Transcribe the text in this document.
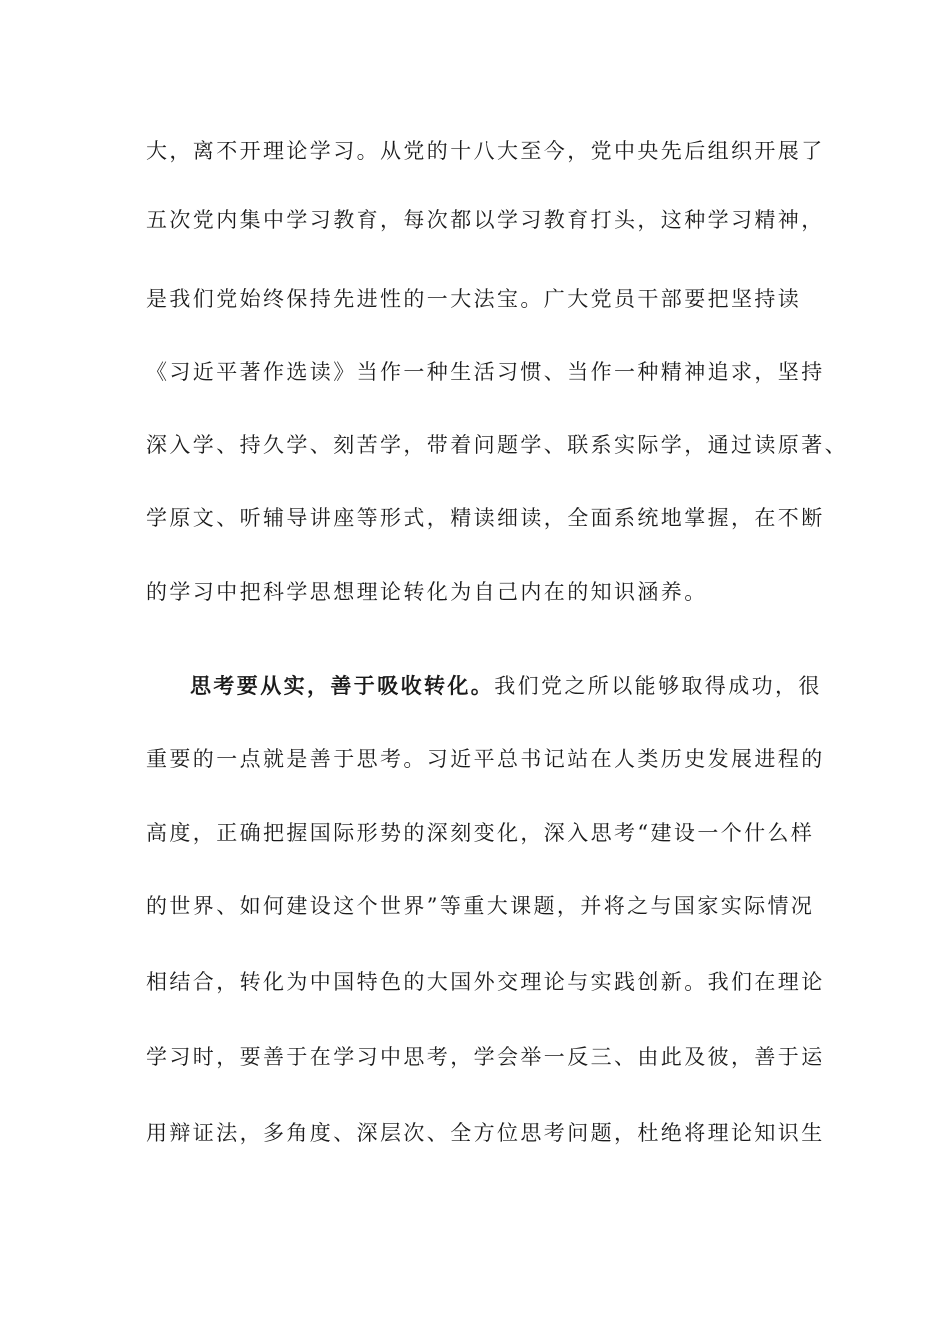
大，离不开理论学习。从党的十八大至今，党中央先后组织开展了
五次党内集中学习教育，每次都以学习教育打头，这种学习精神，
是我们党始终保持先进性的一大法宝。广大党员干部要把坚持读
《习近平著作选读》当作一种生活习惯、当作一种精神追求，坚持
深入学、持久学、刻苦学，带着问题学、联系实际学，通过读原著、
学原文、听辅导讲座等形式，精读细读，全面系统地掌握，在不断
的学习中把科学思想理论转化为自己内在的知识涵养。
思考要从实，善于吸收转化。我们党之所以能够取得成功，很
重要的一点就是善于思考。习近平总书记站在人类历史发展进程的
高度，正确把握国际形势的深刻变化，深入思考“建设一个什么样
的世界、如何建设这个世界”等重大课题，并将之与国家实际情况
相结合，转化为中国特色的大国外交理论与实践创新。我们在理论
学习时，要善于在学习中思考，学会举一反三、由此及彼，善于运
用辩证法，多角度、深层次、全方位思考问题，杜绝将理论知识生
